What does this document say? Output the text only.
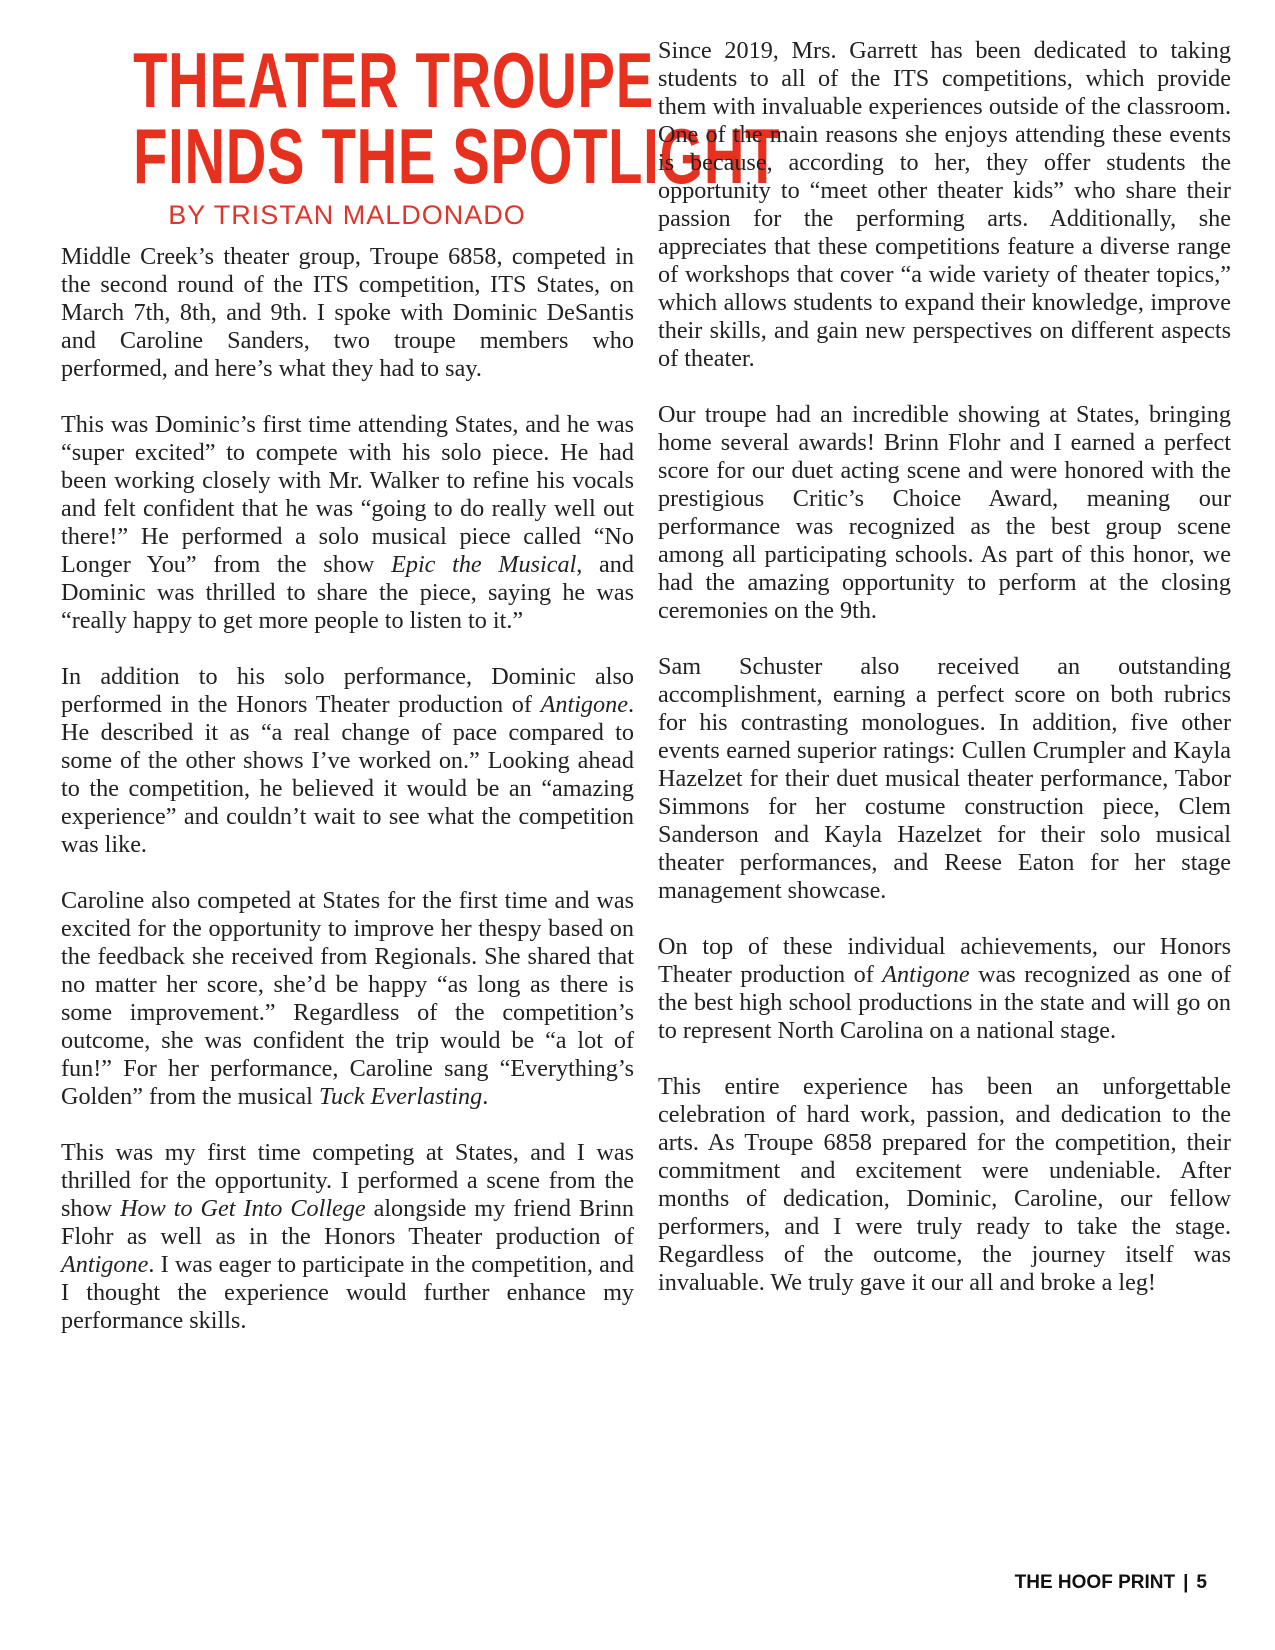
THEATER TROUPE
FINDS THE SPOTLIGHT
BY TRISTAN MALDONADO

Middle Creek’s theater group, Troupe 6858, competed in the second round of the ITS competition, ITS States, on March 7th, 8th, and 9th. I spoke with Dominic DeSantis and Caroline Sanders, two troupe members who performed, and here’s what they had to say.

This was Dominic’s first time attending States, and he was “super excited” to compete with his solo piece. He had been working closely with Mr. Walker to refine his vocals and felt confident that he was “going to do really well out there!” He performed a solo musical piece called “No Longer You” from the show Epic the Musical, and Dominic was thrilled to share the piece, saying he was “really happy to get more people to listen to it.”

In addition to his solo performance, Dominic also performed in the Honors Theater production of Antigone. He described it as “a real change of pace compared to some of the other shows I’ve worked on.” Looking ahead to the competition, he believed it would be an “amazing experience” and couldn’t wait to see what the competition was like.

Caroline also competed at States for the first time and was excited for the opportunity to improve her thespy based on the feedback she received from Regionals. She shared that no matter her score, she’d be happy “as long as there is some improvement.” Regardless of the competition’s outcome, she was confident the trip would be “a lot of fun!” For her performance, Caroline sang “Everything’s Golden” from the musical Tuck Everlasting.

This was my first time competing at States, and I was thrilled for the opportunity. I performed a scene from the show How to Get Into College alongside my friend Brinn Flohr as well as in the Honors Theater production of Antigone. I was eager to participate in the competition, and I thought the experience would further enhance my performance skills.

Since 2019, Mrs. Garrett has been dedicated to taking students to all of the ITS competitions, which provide them with invaluable experiences outside of the classroom. One of the main reasons she enjoys attending these events is because, according to her, they offer students the opportunity to “meet other theater kids” who share their passion for the performing arts. Additionally, she appreciates that these competitions feature a diverse range of workshops that cover “a wide variety of theater topics,” which allows students to expand their knowledge, improve their skills, and gain new perspectives on different aspects of theater.

Our troupe had an incredible showing at States, bringing home several awards! Brinn Flohr and I earned a perfect score for our duet acting scene and were honored with the prestigious Critic’s Choice Award, meaning our performance was recognized as the best group scene among all participating schools. As part of this honor, we had the amazing opportunity to perform at the closing ceremonies on the 9th.

Sam Schuster also received an outstanding accomplishment, earning a perfect score on both rubrics for his contrasting monologues. In addition, five other events earned superior ratings: Cullen Crumpler and Kayla Hazelzet for their duet musical theater performance, Tabor Simmons for her costume construction piece, Clem Sanderson and Kayla Hazelzet for their solo musical theater performances, and Reese Eaton for her stage management showcase.

On top of these individual achievements, our Honors Theater production of Antigone was recognized as one of the best high school productions in the state and will go on to represent North Carolina on a national stage.

This entire experience has been an unforgettable celebration of hard work, passion, and dedication to the arts. As Troupe 6858 prepared for the competition, their commitment and excitement were undeniable. After months of dedication, Dominic, Caroline, our fellow performers, and I were truly ready to take the stage. Regardless of the outcome, the journey itself was invaluable. We truly gave it our all and broke a leg!

THE HOOF PRINT | 5
